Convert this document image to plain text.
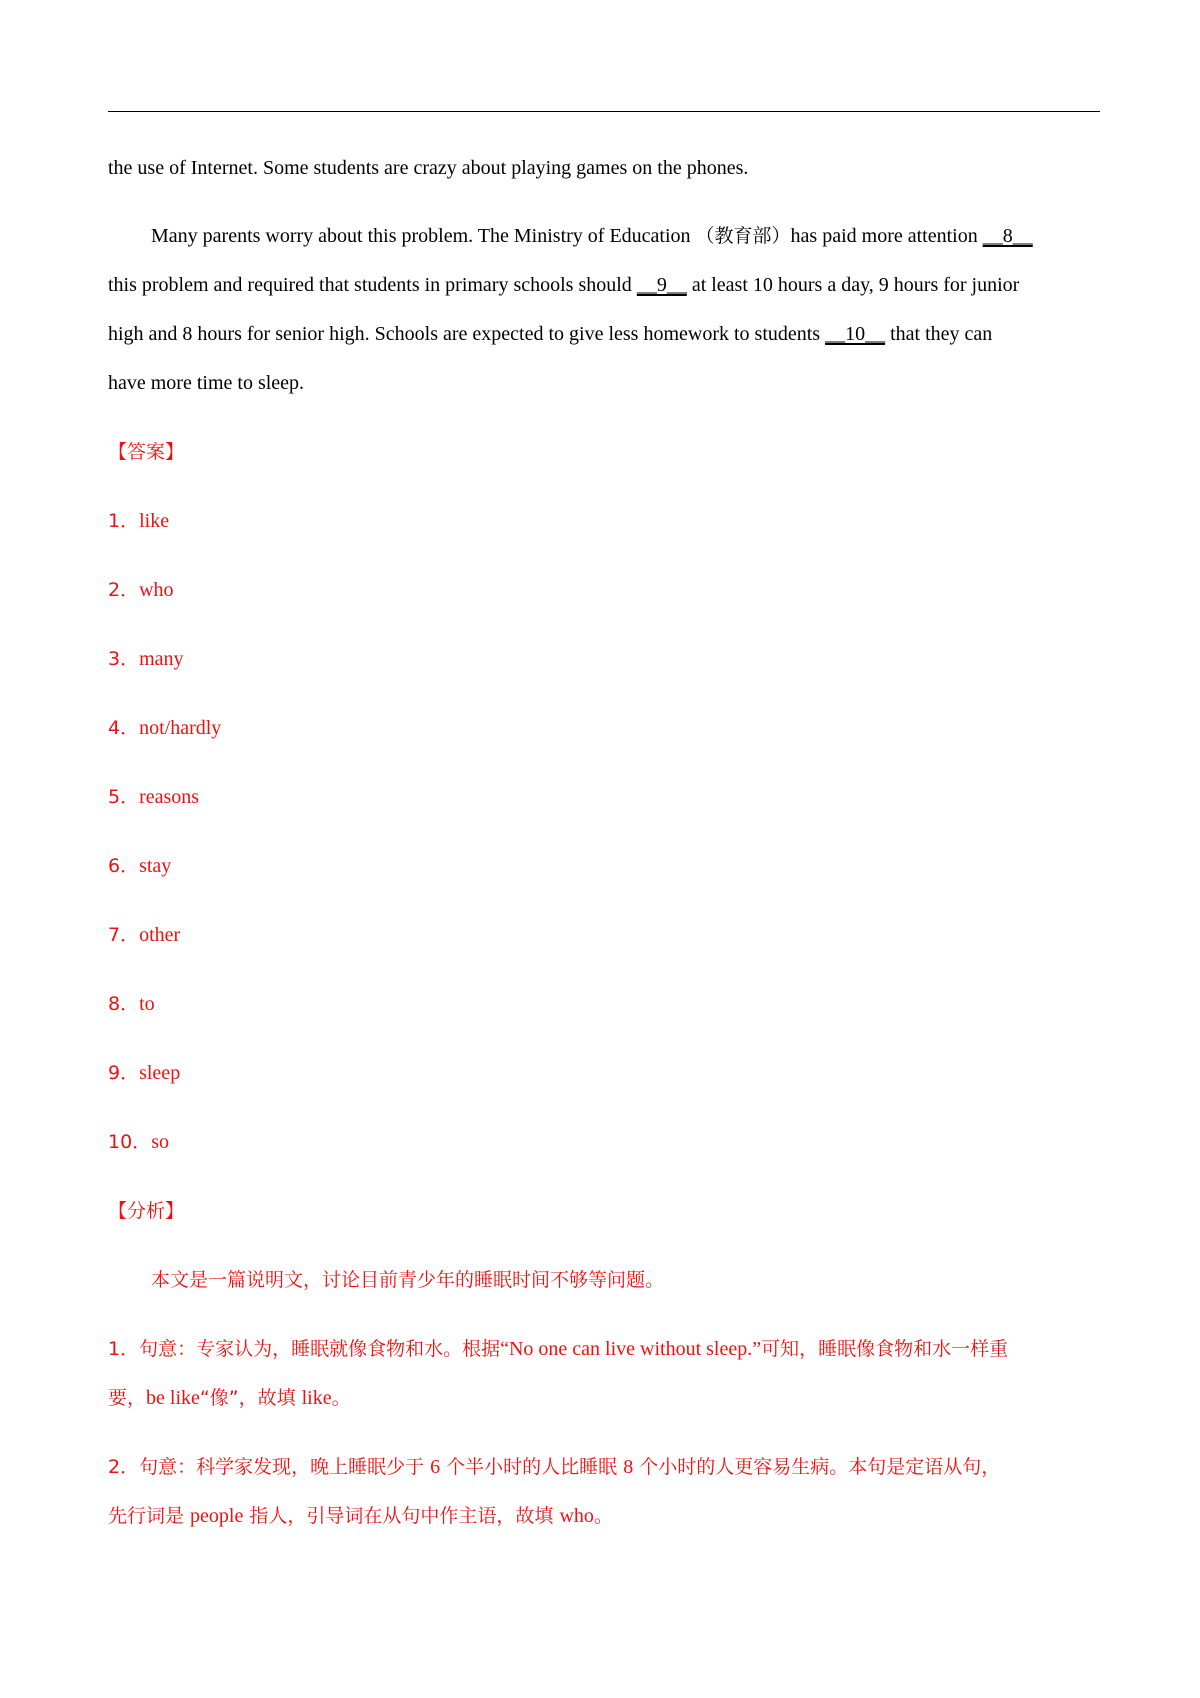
the use of Internet. Some students are crazy about playing games on the phones.
Many parents worry about this problem. The Ministry of Education （教育部）has paid more attention __8__
this problem and required that students in primary schools should __9__ at least 10 hours a day, 9 hours for junior
high and 8 hours for senior high. Schools are expected to give less homework to students __10__ that they can
have more time to sleep.
【答案】
1．like
2．who
3．many
4．not/hardly
5．reasons
6．stay
7．other
8．to
9．sleep
10．so
【分析】
本文是一篇说明文，讨论目前青少年的睡眠时间不够等问题。
1．句意：专家认为，睡眠就像食物和水。根据“No one can live without sleep.”可知，睡眠像食物和水一样重
要，be like“像”，故填 like。
2．句意：科学家发现，晚上睡眠少于 6 个半小时的人比睡眠 8 个小时的人更容易生病。本句是定语从句，
先行词是 people 指人，引导词在从句中作主语，故填 who。
